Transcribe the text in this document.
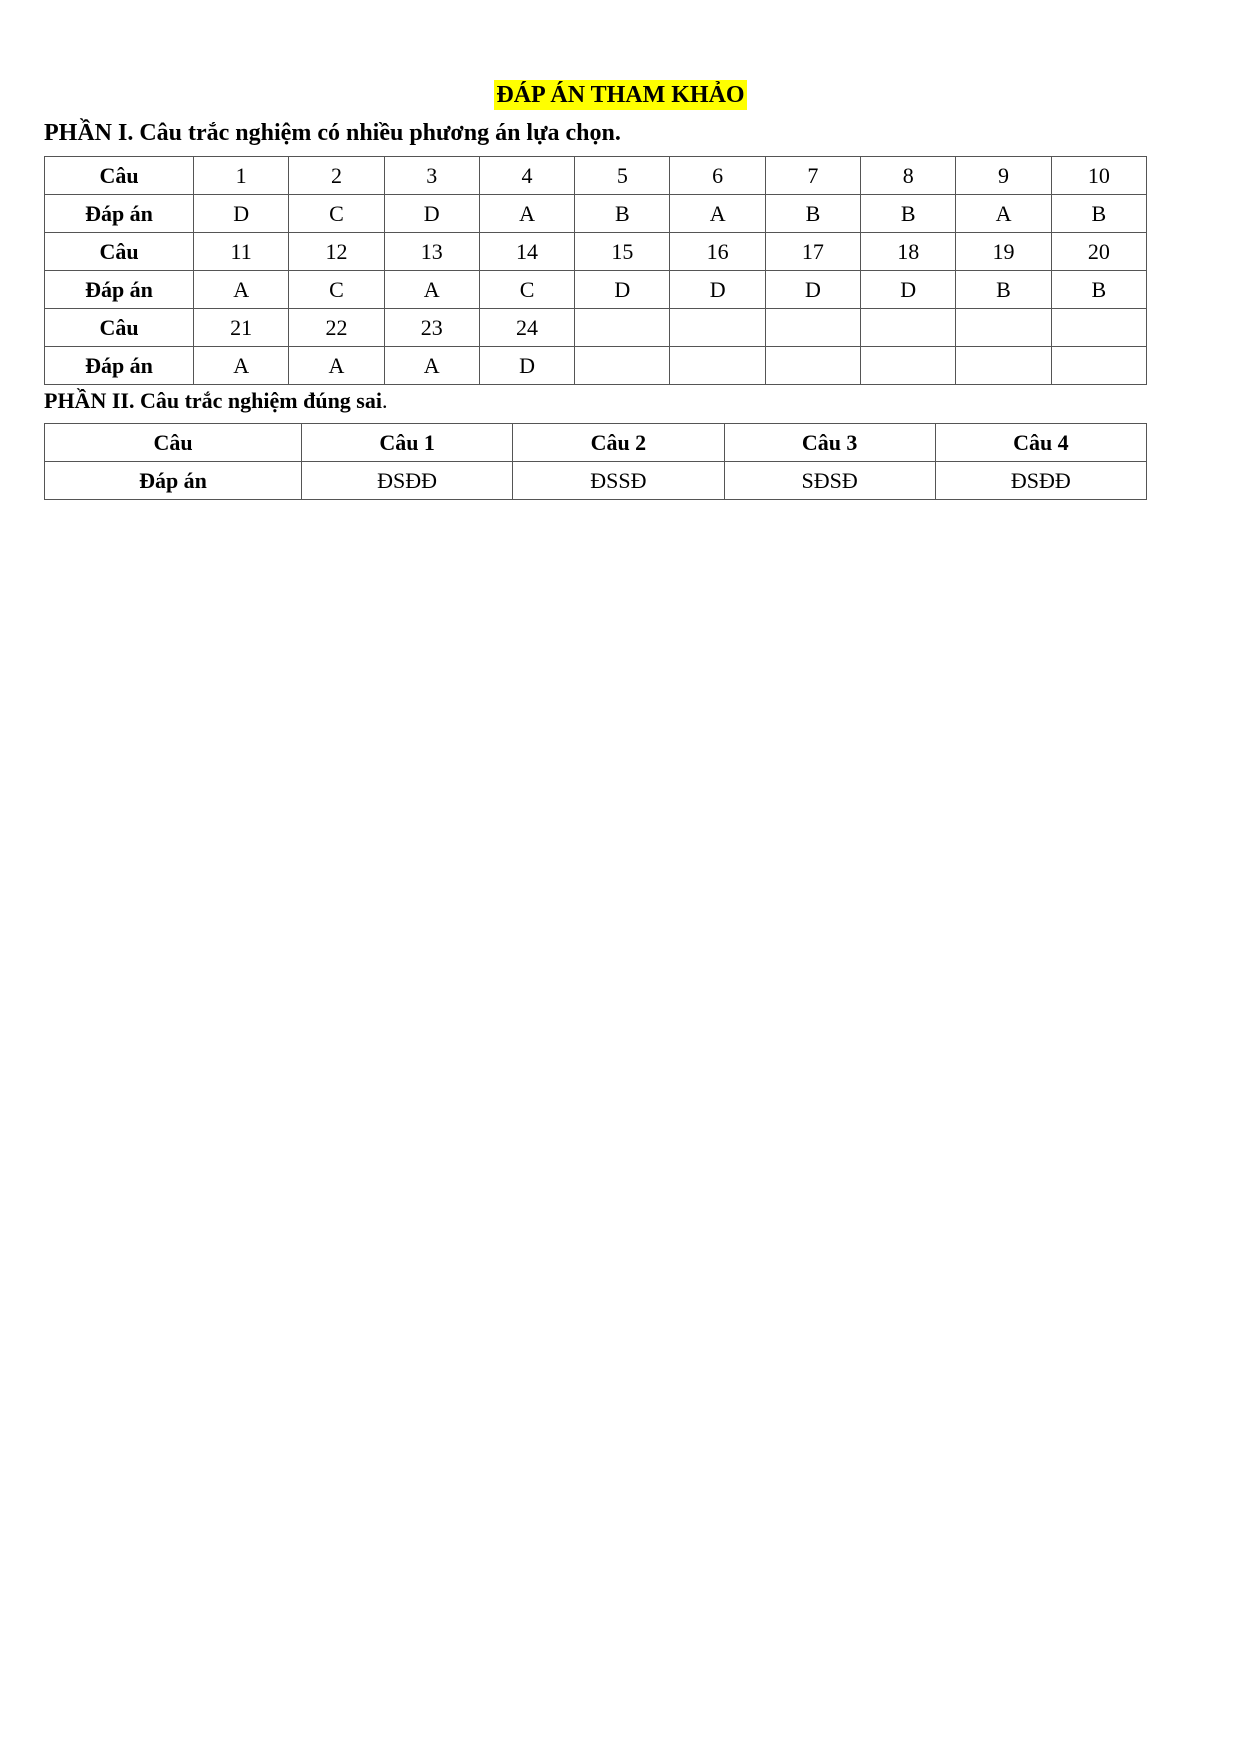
ĐÁP ÁN THAM KHẢO
PHẦN I. Câu trắc nghiệm có nhiều phương án lựa chọn.
Câu	1	2	3	4	5	6	7	8	9	10
Đáp án	D	C	D	A	B	A	B	B	A	B
Câu	11	12	13	14	15	16	17	18	19	20
Đáp án	A	C	A	C	D	D	D	D	B	B
Câu	21	22	23	24						
Đáp án	A	A	A	D						
PHẦN II. Câu trắc nghiệm đúng sai.
Câu	Câu 1	Câu 2	Câu 3	Câu 4
Đáp án	ĐSĐĐ	ĐSSĐ	SĐSĐ	ĐSĐĐ
